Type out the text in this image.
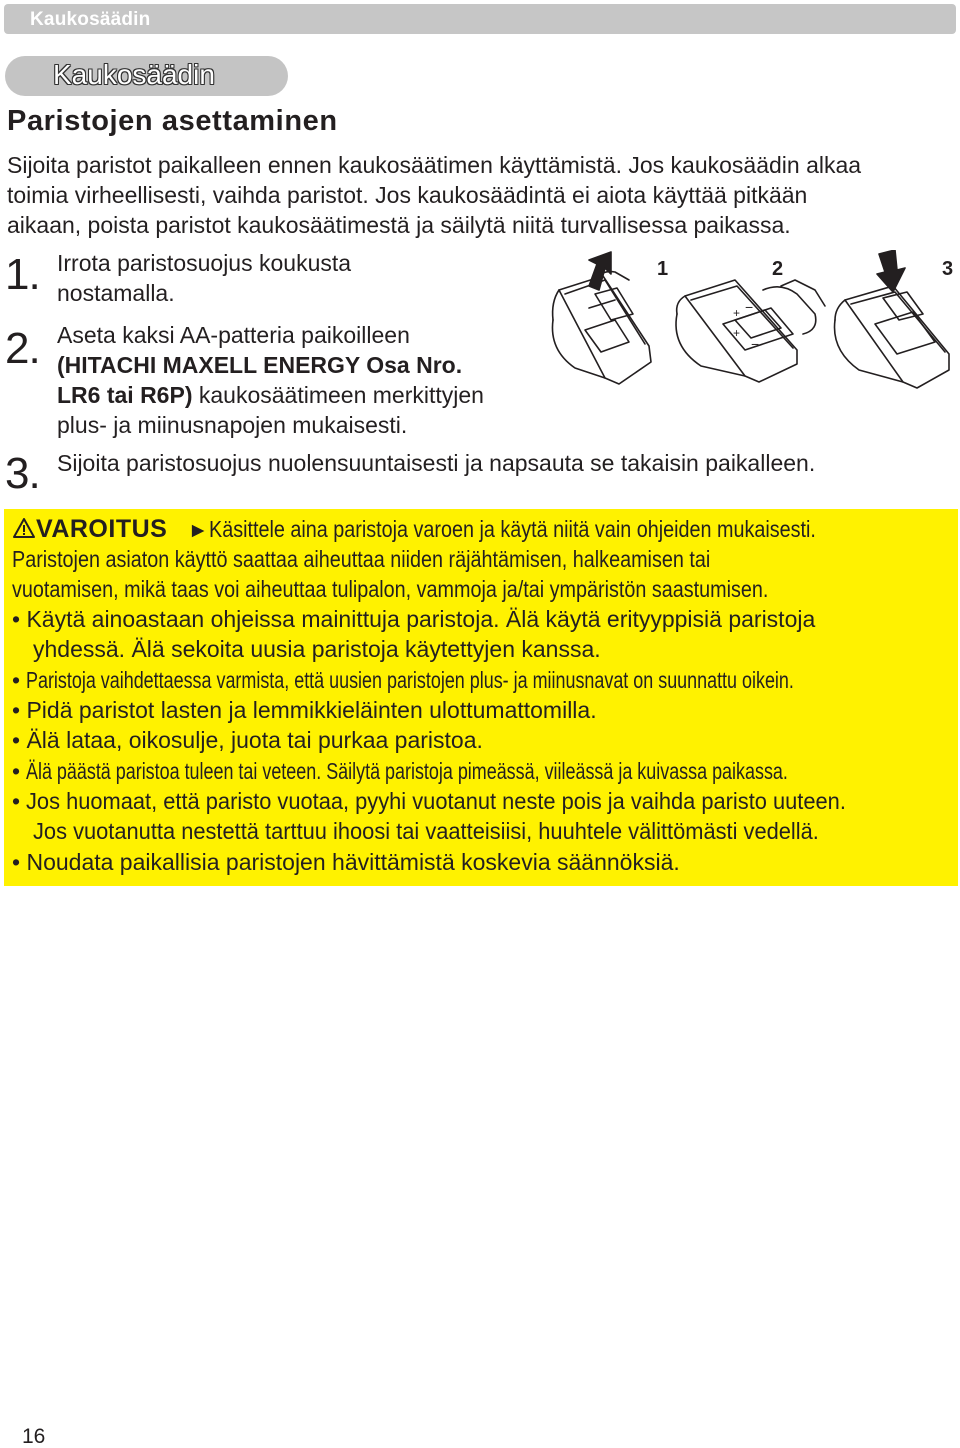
Kaukosäädin
Kaukosäädin
Paristojen asettaminen
Sijoita paristot paikalleen ennen kaukosäätimen käyttämistä. Jos kaukosäädin alkaa
toimia virheellisesti, vaihda paristot. Jos kaukosäädintä ei aiota käyttää pitkään
aikaan, poista paristot kaukosäätimestä ja säilytä niitä turvallisessa paikassa.
1. Irrota paristosuojus koukusta
nostamalla.
2. Aseta kaksi AA-patteria paikoilleen
(HITACHI MAXELL ENERGY Osa Nro.
LR6 tai R6P) kaukosäätimeen merkittyjen
plus- ja miinusnapojen mukaisesti.
3. Sijoita paristosuojus nuolensuuntaisesti ja napsauta se takaisin paikalleen.
+
+
−
−
1	2	3
VAROITUS ►Käsittele aina paristoja varoen ja käytä niitä vain ohjeiden mukaisesti.
Paristojen asiaton käyttö saattaa aiheuttaa niiden räjähtämisen, halkeamisen tai
vuotamisen, mikä taas voi aiheuttaa tulipalon, vammoja ja/tai ympäristön saastumisen.
• Käytä ainoastaan ohjeissa mainittuja paristoja. Älä käytä erityyppisiä paristoja
yhdessä. Älä sekoita uusia paristoja käytettyjen kanssa.
• Paristoja vaihdettaessa varmista, että uusien paristojen plus- ja miinusnavat on suunnattu oikein.
• Pidä paristot lasten ja lemmikkieläinten ulottumattomilla.
• Älä lataa, oikosulje, juota tai purkaa paristoa.
• Älä päästä paristoa tuleen tai veteen. Säilytä paristoja pimeässä, viileässä ja kuivassa paikassa.
• Jos huomaat, että paristo vuotaa, pyyhi vuotanut neste pois ja vaihda paristo uuteen.
Jos vuotanutta nestettä tarttuu ihoosi tai vaatteisiisi, huuhtele välittömästi vedellä.
• Noudata paikallisia paristojen hävittämistä koskevia säännöksiä.
16
